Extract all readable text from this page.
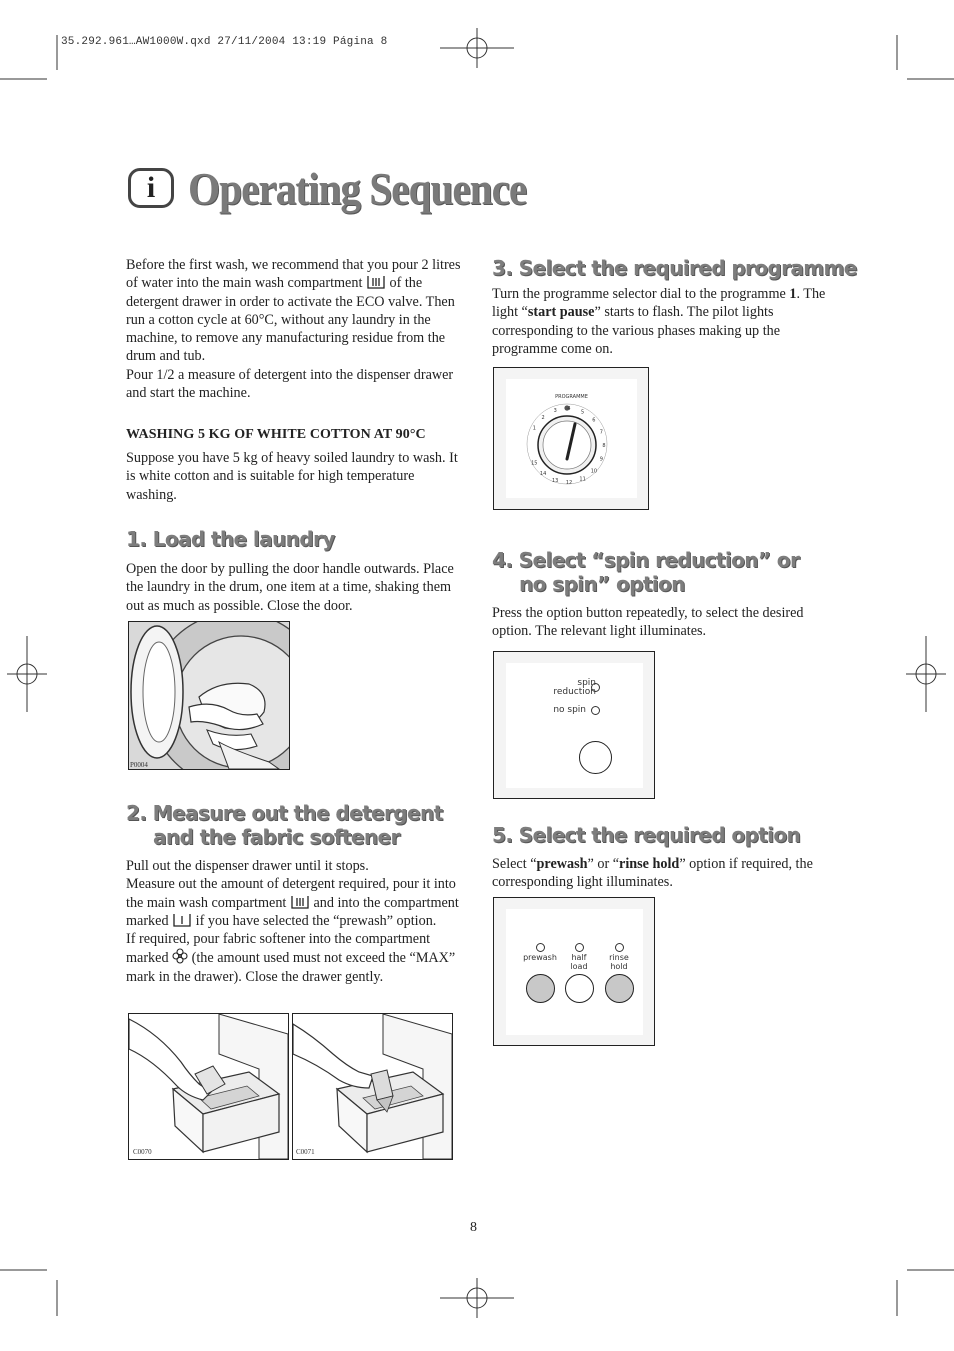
35.292.961…AW1000W.qxd 27/11/2004 13:19 Página 8
i Operating Sequence
Before the first wash, we recommend that you pour 2 litres of water into the main wash compartment of the detergent drawer in order to activate the ECO valve. Then run a cotton cycle at 60°C, without any laundry in the machine, to remove any manufacturing residue from the drum and tub.
Pour 1/2 a measure of detergent into the dispenser drawer and start the machine.
WASHING 5 KG OF WHITE COTTON AT 90°C
Suppose you have 5 kg of heavy soiled laundry to wash. It is white cotton and is suitable for high temperature washing.
1. Load the laundry
Open the door by pulling the door handle outwards. Place the laundry in the drum, one item at a time, shaking them out as much as possible. Close the door.
P0004
2. Measure out the detergent
and the fabric softener
Pull out the dispenser drawer until it stops.
Measure out the amount of detergent required, pour it into the main wash compartment and into the compartment marked if you have selected the “prewash” option.
If required, pour fabric softener into the compartment marked (the amount used must not exceed the “MAX” mark in the drawer). Close the drawer gently.
C0070	C0071
3. Select the required programme
Turn the programme selector dial to the programme 1. The light “start pause” starts to flash. The pilot lights corresponding to the various phases making up the programme come on.
PROGRAMME
1
2
3 4
5
6
7
8
9
10
11
12
13
14
15
4. Select “spin reduction” or
no spin” option
Press the option button repeatedly, to select the desired option. The relevant light illuminates.
spin
reduction
no spin
5. Select the required option
Select “prewash” or “rinse hold” option if required, the corresponding light illuminates.
prewash	half
load
rinse
hold
8
